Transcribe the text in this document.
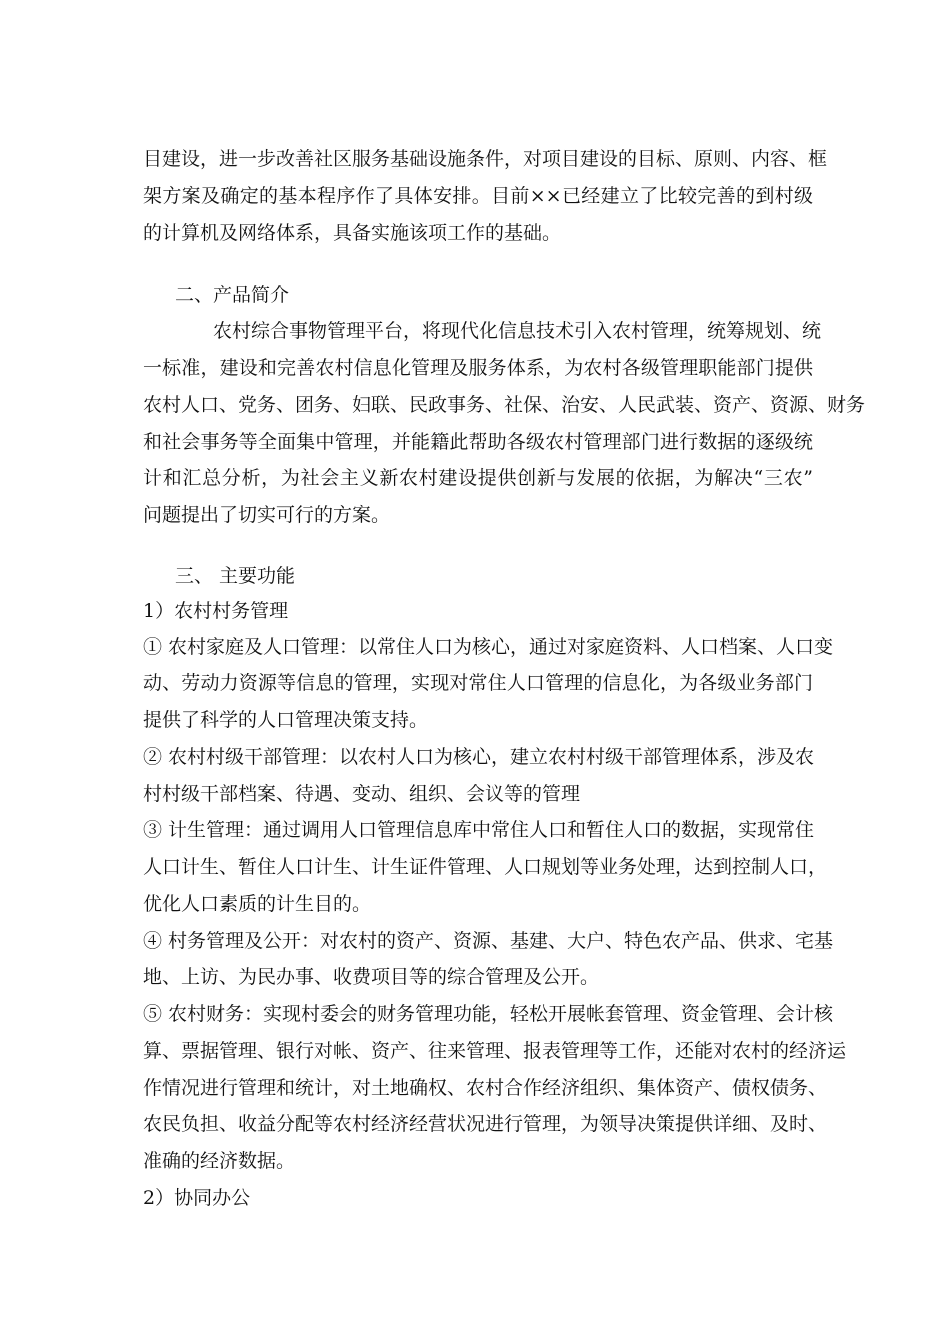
目建设，进一步改善社区服务基础设施条件，对项目建设的目标、原则、内容、框
架方案及确定的基本程序作了具体安排。目前××已经建立了比较完善的到村级
的计算机及网络体系，具备实施该项工作的基础。
二、产品简介
农村综合事物管理平台，将现代化信息技术引入农村管理，统筹规划、统
一标准，建设和完善农村信息化管理及服务体系，为农村各级管理职能部门提供
农村人口、党务、团务、妇联、民政事务、社保、治安、人民武装、资产、资源、财务
和社会事务等全面集中管理，并能籍此帮助各级农村管理部门进行数据的逐级统
计和汇总分析，为社会主义新农村建设提供创新与发展的依据，为解决“三农”
问题提出了切实可行的方案。
三、 主要功能
1）农村村务管理
① 农村家庭及人口管理：以常住人口为核心，通过对家庭资料、人口档案、人口变
动、劳动力资源等信息的管理，实现对常住人口管理的信息化，为各级业务部门
提供了科学的人口管理决策支持。
② 农村村级干部管理：以农村人口为核心，建立农村村级干部管理体系，涉及农
村村级干部档案、待遇、变动、组织、会议等的管理
③ 计生管理：通过调用人口管理信息库中常住人口和暂住人口的数据，实现常住
人口计生、暂住人口计生、计生证件管理、人口规划等业务处理，达到控制人口，
优化人口素质的计生目的。
④ 村务管理及公开：对农村的资产、资源、基建、大户、特色农产品、供求、宅基
地、上访、为民办事、收费项目等的综合管理及公开。
⑤ 农村财务：实现村委会的财务管理功能，轻松开展帐套管理、资金管理、会计核
算、票据管理、银行对帐、资产、往来管理、报表管理等工作，还能对农村的经济运
作情况进行管理和统计，对土地确权、农村合作经济组织、集体资产、债权债务、
农民负担、收益分配等农村经济经营状况进行管理，为领导决策提供详细、及时、
准确的经济数据。
2）协同办公
